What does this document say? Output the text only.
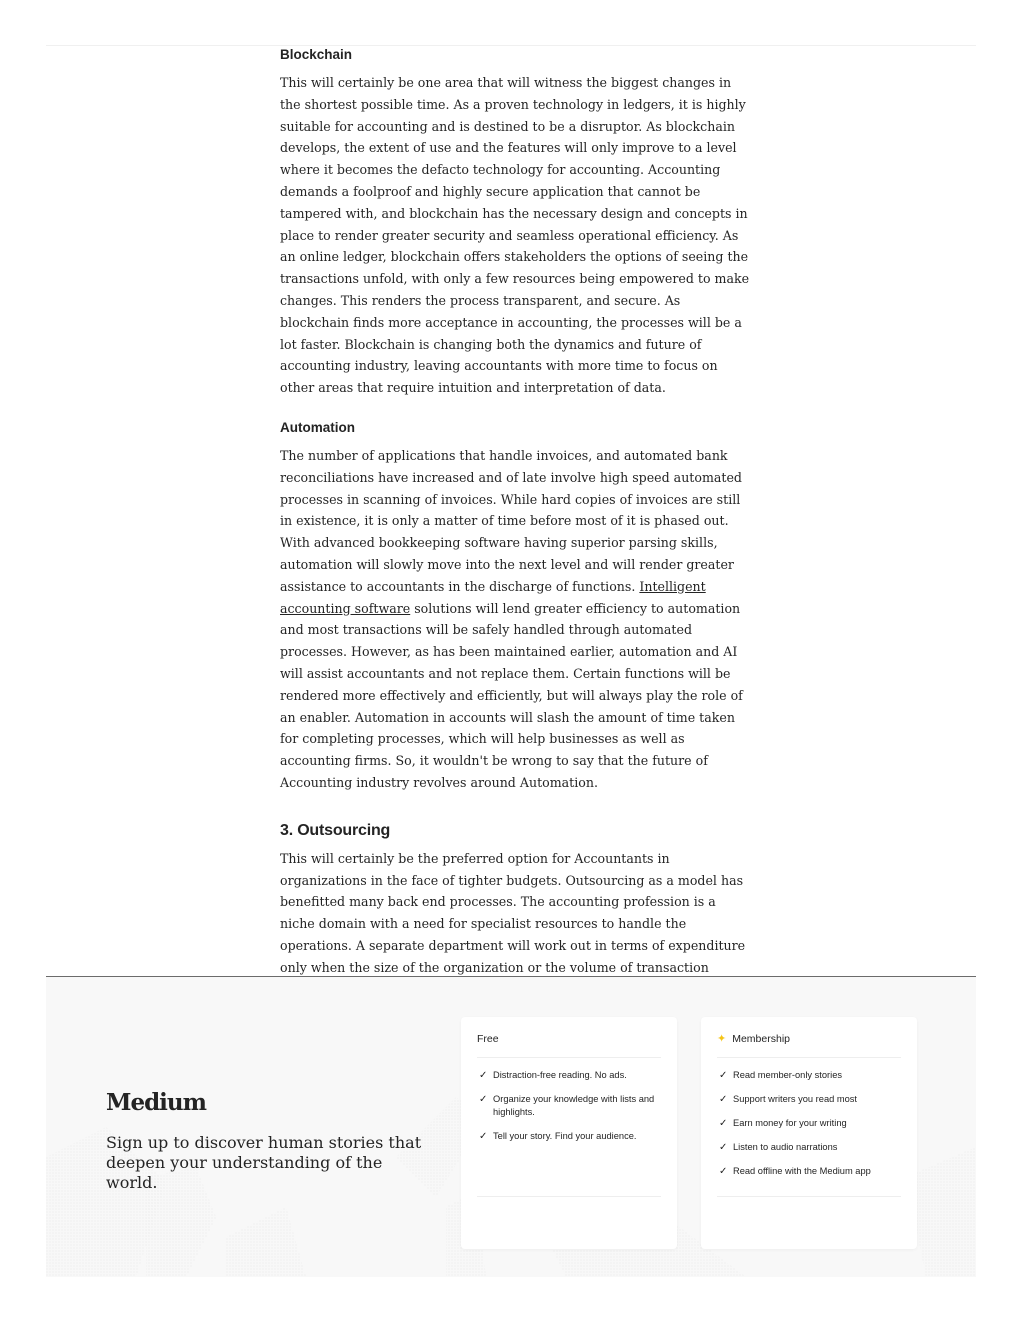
Blockchain

This will certainly be one area that will witness the biggest changes in the shortest possible time. As a proven technology in ledgers, it is highly suitable for accounting and is destined to be a disruptor. As blockchain develops, the extent of use and the features will only improve to a level where it becomes the defacto technology for accounting. Accounting demands a foolproof and highly secure application that cannot be tampered with, and blockchain has the necessary design and concepts in place to render greater security and seamless operational efficiency. As an online ledger, blockchain offers stakeholders the options of seeing the transactions unfold, with only a few resources being empowered to make changes. This renders the process transparent, and secure. As blockchain finds more acceptance in accounting, the processes will be a lot faster. Blockchain is changing both the dynamics and future of accounting industry, leaving accountants with more time to focus on other areas that require intuition and interpretation of data.

Automation

The number of applications that handle invoices, and automated bank reconciliations have increased and of late involve high speed automated processes in scanning of invoices. While hard copies of invoices are still in existence, it is only a matter of time before most of it is phased out. With advanced bookkeeping software having superior parsing skills, automation will slowly move into the next level and will render greater assistance to accountants in the discharge of functions. Intelligent accounting software solutions will lend greater efficiency to automation and most transactions will be safely handled through automated processes. However, as has been maintained earlier, automation and AI will assist accountants and not replace them. Certain functions will be rendered more effectively and efficiently, but will always play the role of an enabler. Automation in accounts will slash the amount of time taken for completing processes, which will help businesses as well as accounting firms. So, it wouldn't be wrong to say that the future of Accounting industry revolves around Automation.

3. Outsourcing

This will certainly be the preferred option for Accountants in organizations in the face of tighter budgets. Outsourcing as a model has benefitted many back end processes. The accounting profession is a niche domain with a need for specialist resources to handle the operations. A separate department will work out in terms of expenditure only when the size of the organization or the volume of transaction

Medium
Sign up to discover human stories that deepen your understanding of the world.
Free
✓ Distraction-free reading. No ads.
✓ Organize your knowledge with lists and highlights.
✓ Tell your story. Find your audience.
✦ Membership
✓ Read member-only stories
✓ Support writers you read most
✓ Earn money for your writing
✓ Listen to audio narrations
✓ Read offline with the Medium app
